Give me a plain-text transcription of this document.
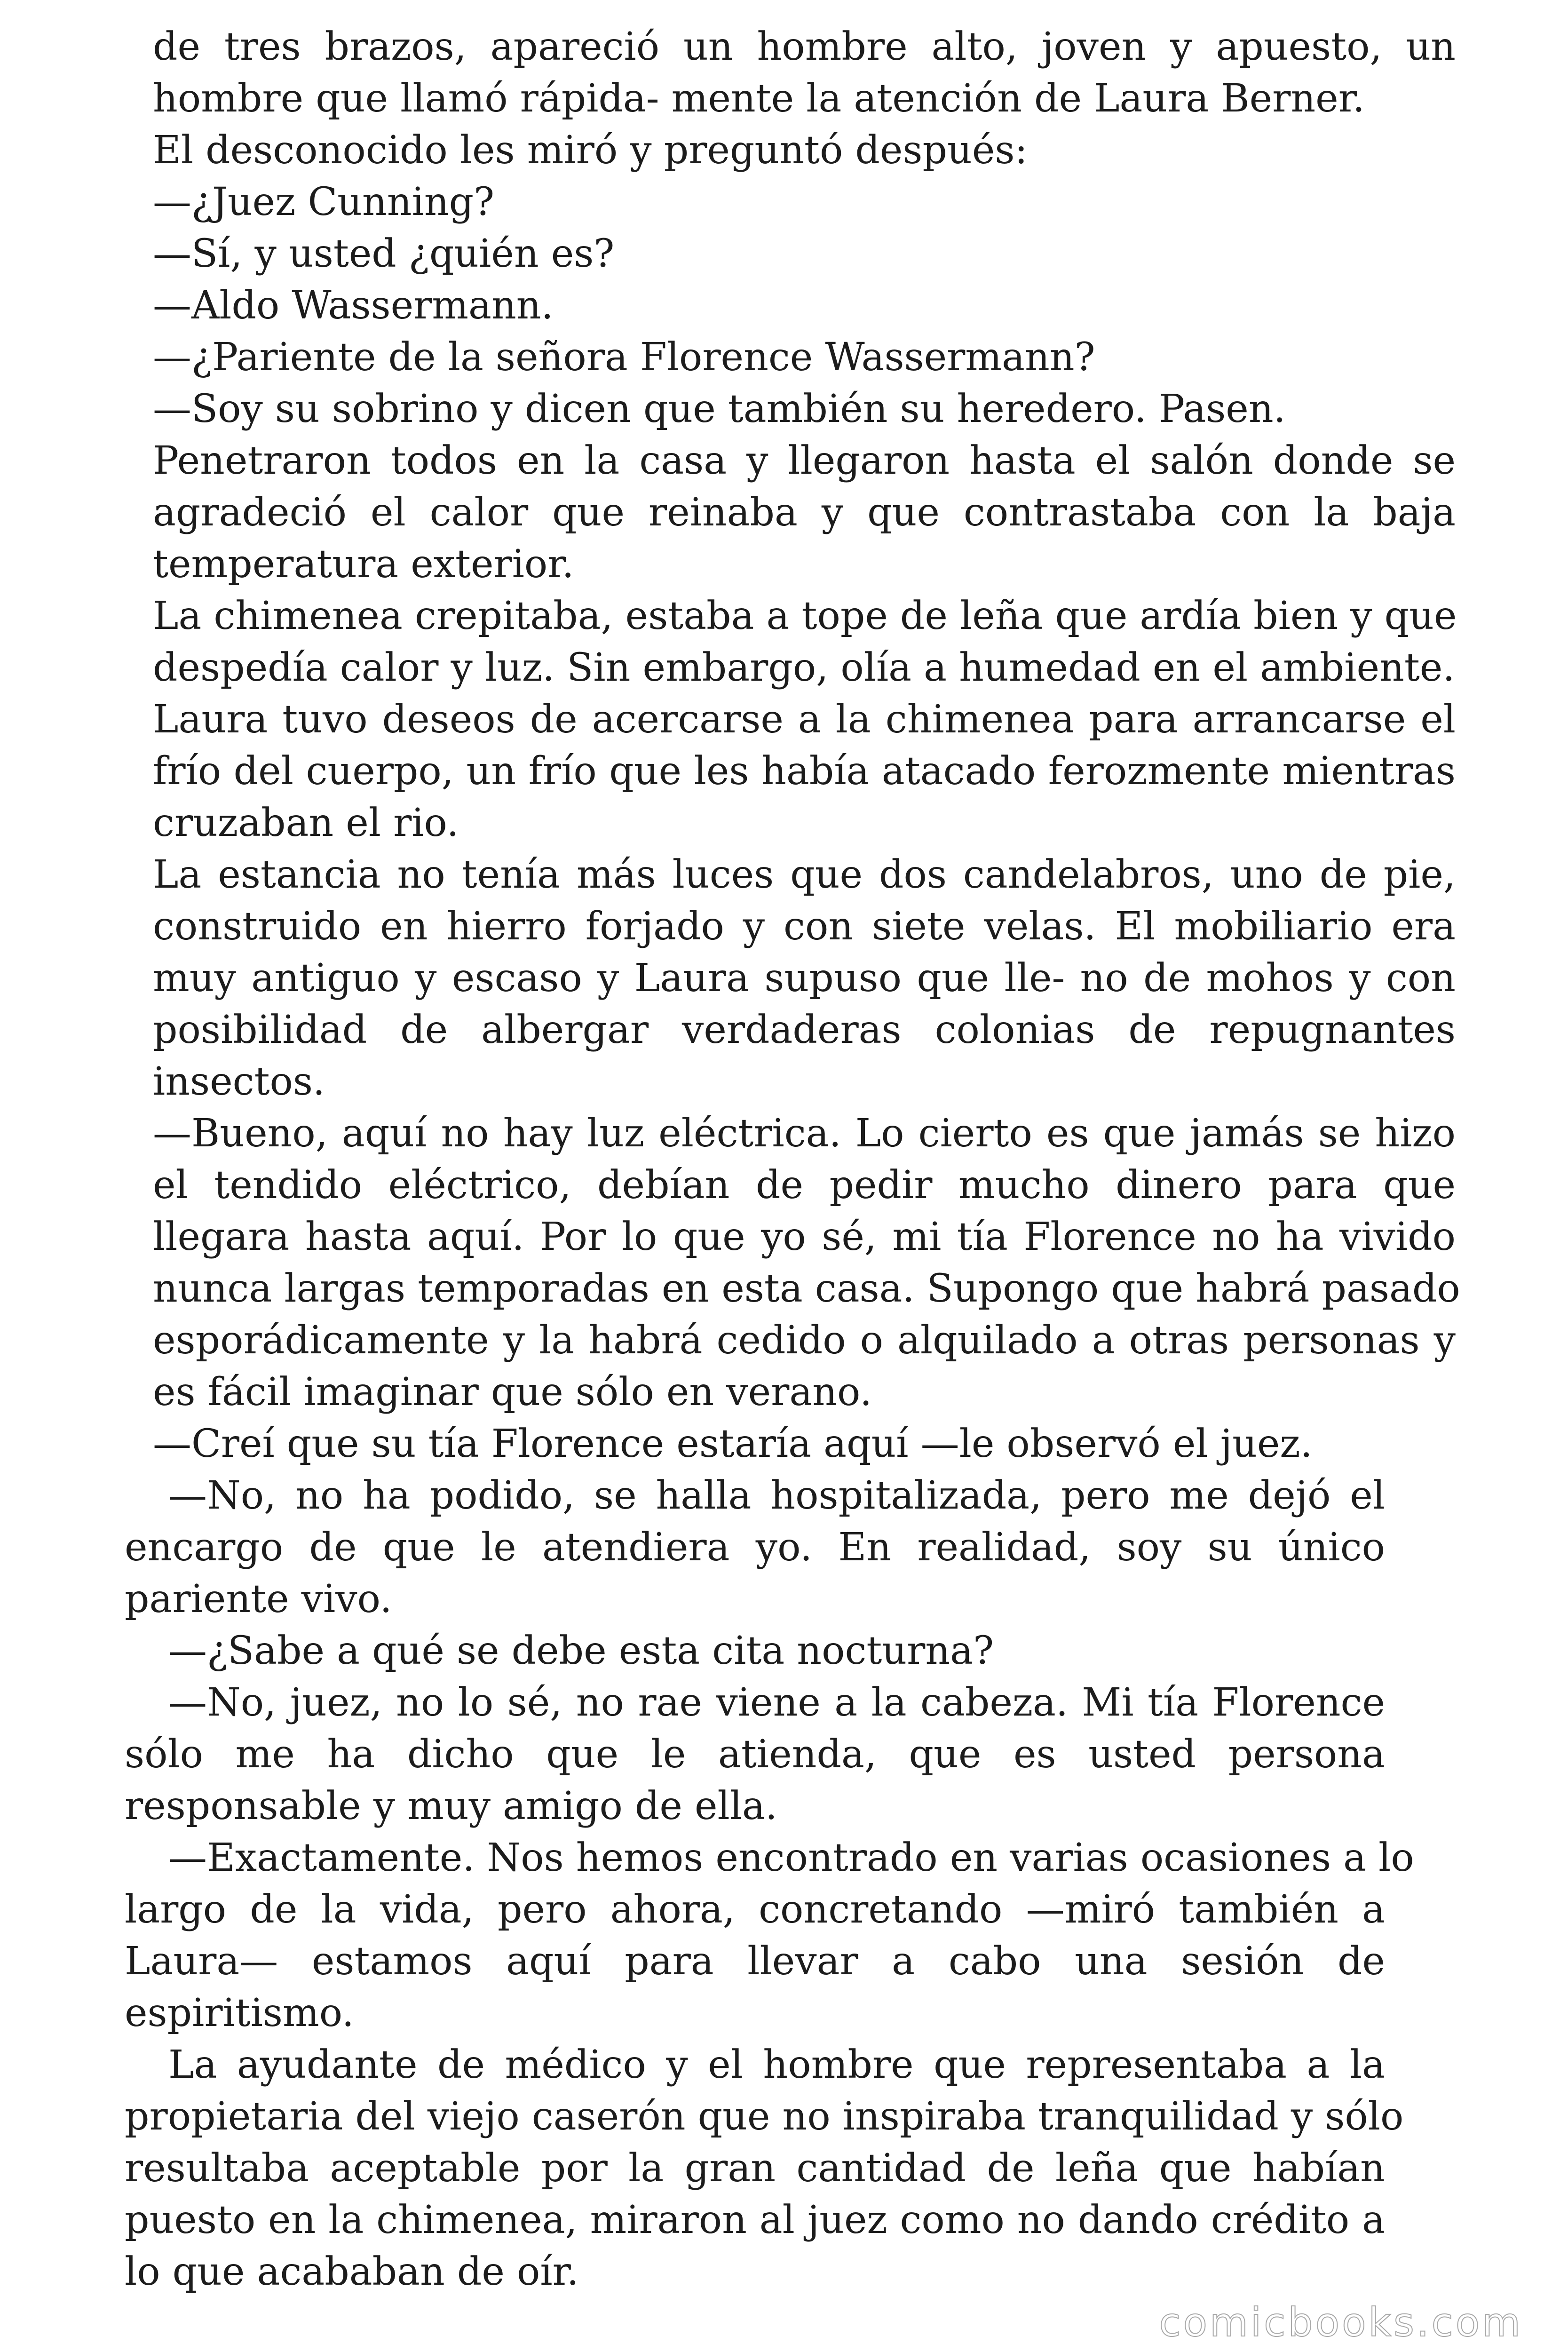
de tres brazos, apareció un hombre alto, joven y apuesto, un

hombre que llamó rápida- mente la atención de Laura Berner.

El desconocido les miró y preguntó después:

—¿Juez Cunning?

—Sí, y usted ¿quién es?

—Aldo Wassermann.

—¿Pariente de la señora Florence Wassermann?

—Soy su sobrino y dicen que también su heredero. Pasen.

Penetraron todos en la casa y llegaron hasta el salón donde se

agradeció el calor que reinaba y que contrastaba con la baja

temperatura exterior.

La chimenea crepitaba, estaba a tope de leña que ardía bien y que

despedía calor y luz. Sin embargo, olía a humedad en el ambiente.

Laura tuvo deseos de acercarse a la chimenea para arrancarse el

frío del cuerpo, un frío que les había atacado ferozmente mientras

cruzaban el rio.

La estancia no tenía más luces que dos candelabros, uno de pie,

construido en hierro forjado y con siete velas. El mobiliario era

muy antiguo y escaso y Laura supuso que lle- no de mohos y con

posibilidad de albergar verdaderas colonias de repugnantes

insectos.

—Bueno, aquí no hay luz eléctrica. Lo cierto es que jamás se hizo

el tendido eléctrico, debían de pedir mucho dinero para que

llegara hasta aquí. Por lo que yo sé, mi tía Florence no ha vivido

nunca largas temporadas en esta casa. Supongo que habrá pasado

esporádicamente y la habrá cedido o alquilado a otras personas y

es fácil imaginar que sólo en verano.

—Creí que su tía Florence estaría aquí —le observó el juez.

—No, no ha podido, se halla hospitalizada, pero me dejó el

encargo de que le atendiera yo. En realidad, soy su único

pariente vivo.

—¿Sabe a qué se debe esta cita nocturna?

—No, juez, no lo sé, no rae viene a la cabeza. Mi tía Florence

sólo me ha dicho que le atienda, que es usted persona

responsable y muy amigo de ella.

—Exactamente. Nos hemos encontrado en varias ocasiones a lo

largo de la vida, pero ahora, concretando —miró también a

Laura— estamos aquí para llevar a cabo una sesión de

espiritismo.

La ayudante de médico y el hombre que representaba a la

propietaria del viejo caserón que no inspiraba tranquilidad y sólo

resultaba aceptable por la gran cantidad de leña que habían

puesto en la chimenea, miraron al juez como no dando crédito a

lo que acababan de oír.

comicbooks.com
